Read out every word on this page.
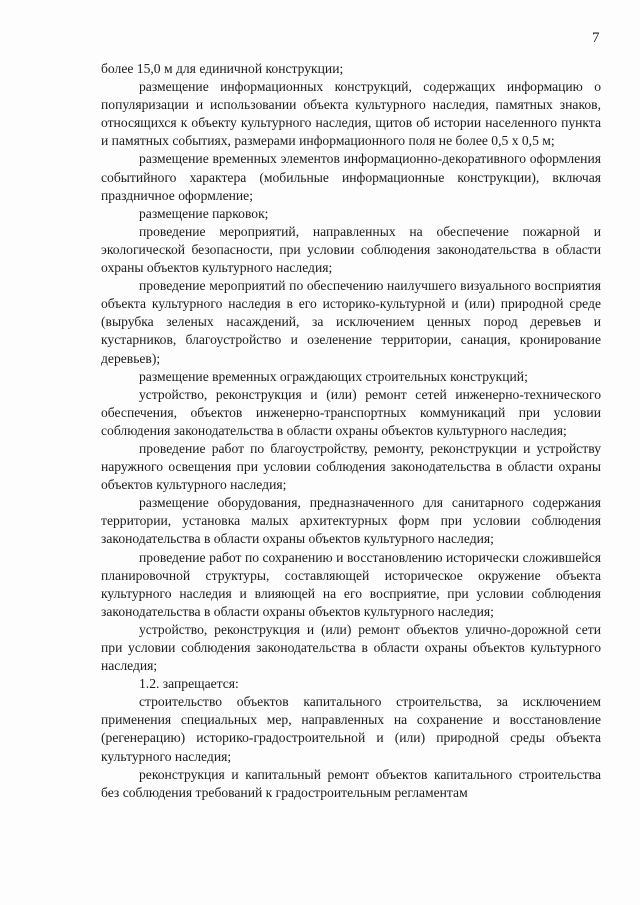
7

более 15,0 м для единичной конструкции;

размещение информационных конструкций, содержащих информацию о популяризации и использовании объекта культурного наследия, памятных знаков, относящихся к объекту культурного наследия, щитов об истории населенного пункта и памятных событиях, размерами информационного поля не более 0,5 х 0,5 м;

размещение временных элементов информационно-декоративного оформления событийного характера (мобильные информационные конструкции), включая праздничное оформление;

размещение парковок;

проведение мероприятий, направленных на обеспечение пожарной и экологической безопасности, при условии соблюдения законодательства в области охраны объектов культурного наследия;

проведение мероприятий по обеспечению наилучшего визуального восприятия объекта культурного наследия в его историко-культурной и (или) природной среде (вырубка зеленых насаждений, за исключением ценных пород деревьев и кустарников, благоустройство и озеленение территории, санация, кронирование деревьев);

размещение временных ограждающих строительных конструкций;

устройство, реконструкция и (или) ремонт сетей инженерно-технического обеспечения, объектов инженерно-транспортных коммуникаций при условии соблюдения законодательства в области охраны объектов культурного наследия;

проведение работ по благоустройству, ремонту, реконструкции и устройству наружного освещения при условии соблюдения законодательства в области охраны объектов культурного наследия;

размещение оборудования, предназначенного для санитарного содержания территории, установка малых архитектурных форм при условии соблюдения законодательства в области охраны объектов культурного наследия;

проведение работ по сохранению и восстановлению исторически сложившейся планировочной структуры, составляющей историческое окружение объекта культурного наследия и влияющей на его восприятие, при условии соблюдения законодательства в области охраны объектов культурного наследия;

устройство, реконструкция и (или) ремонт объектов улично-дорожной сети при условии соблюдения законодательства в области охраны объектов культурного наследия;

1.2. запрещается:

строительство объектов капитального строительства, за исключением применения специальных мер, направленных на сохранение и восстановление (регенерацию) историко-градостроительной и (или) природной среды объекта культурного наследия;

реконструкция и капитальный ремонт объектов капитального строительства без соблюдения требований к градостроительным регламентам
